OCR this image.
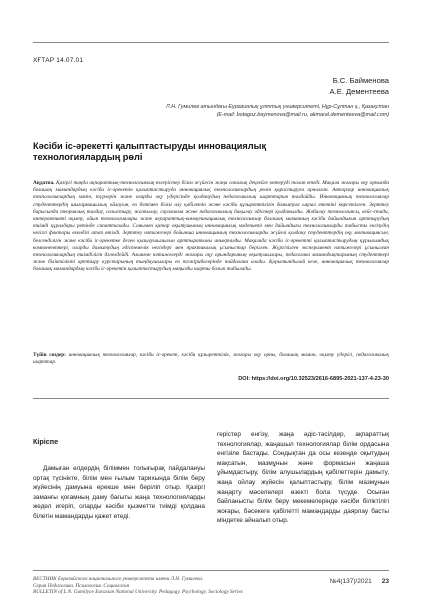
ХҒТАР 14.07.01
Б.С. Байменова
А.Е. Дементеева
Л.Н. Гумилев атындағы Еуразиялық ұлттық университеті, Нұр-Сұлтан қ., Қазақстан
(E-mail: botagoz.baymenova@mail.ru, akmaral.dementeeva@mail.com)
Кәсіби іс-әрекетті қалыптастыруды инновациялық
технологиялардың рөлі
Аңдатпа. Қазіргі таңда ақпараттық-технологиялық өзгерістер білім жүйесін жаңа сапалық деңгейге көтеруді талап етеді. Мақала жоғары оқу орнында болашақ мамандардың кәсіби іс-әрекетін қалыптастыруда инновациялық технологиялардың рөлін қарастыруға арналған. Авторлар инновациялық технологиялардың мәнін, түрлерін және оларды оқу үдерісінде қолданудың педагогикалық шарттарын талдайды. Инновациялық технологиялар студенттердің шығармашылық ойлауын, өз бетімен білім алу қабілетін және кәсіби құзыреттілігін дамытуға ықпал ететіні көрсетілген. Зерттеу барысында теориялық талдау, салыстыру, жалпылау, сауалнама және педагогикалық бақылау әдістері қолданылды. Жобалау технологиясы, кейс-стади, интерактивті оқыту, ойын технологиялары және ақпараттық-коммуникациялық технологиялар болашақ маманның кәсіби дайындығын арттырудың тиімді құралдары ретінде сипатталады. Сонымен қатар оқытушының инновациялық мәдениеті мен дайындығы технологияларды табысты енгізудің негізгі факторы екендігі атап өтілді. Зерттеу нәтижелері бойынша инновациялық технологияларды жүйелі қолдану студенттердің оқу мотивациясын, белсенділігін және кәсіби іс-әрекетке деген қызығушылығын арттыратыны анықталды. Мақалада кәсіби іс-әрекетті қалыптастырудың құрылымдық компоненттері, оларды дамытудың әдістемелік негіздері мен практикалық ұсыныстар берілген. Жүргізілген эксперимент нәтижелері ұсынылған технологиялардың тиімділігін дәлелдейді. Алынған нәтижелерді жоғары оқу орындарының оқытушылары, педагогика мамандықтарының студенттері және біліктілікті арттыру курстарының тыңдаушылары өз тәжірибелерінде пайдалана алады. Қорытындылай келе, инновациялық технологиялар болашақ мамандардың кәсіби іс-әрекетін қалыптастырудың маңызды шарты болып табылады.
Түйін сөздер: инновациялық технологиялар, кәсіби іс-әрекет, кәсіби құзыреттілік, жоғары оқу орны, болашақ маман, оқыту үдерісі, педагогикалық шарттар.
DOI: https://doi.org/10.32523/2616-6895-2021-137-4-23-30
Кіріспе
Дамыған елдердің біліммен толығырақ пайдалануы ортақ түсінікте, білім мен ғылым тарихында білім беру жүйесінің дамуына ерекше мән беріліп отыр. Қазіргі заманғы қоғамның даму бағыты жаңа технологияларды жедел игеріп, оларды кәсіби қызметте тиімді қолдана білетін мамандарды қажет етеді.
герістер енгізу, жаңа әдіс-тәсілдер, ақпараттық технологиялар, жаңашыл технологиялар білім ордасына енгізіле бастады. Сондықтан да осы кезеңде оқытудың мақсатын, мазмұнын және формасын жаңаша ұйымдастыру, білім алушылардың қабілеттерін дамыту, жаңа ойлау жүйесін қалыптастыру, білім мазмұнын жаңарту мәселелері өзекті бола түсуде. Осыған байланысты білім беру мекемелерінде кәсіби біліктілігі жоғары, бәсекеге қабілетті мамандарды даярлау басты міндетке айналып отыр.
ВЕСТНИК Евразийского национального университета имени Л.Н. Гумилева.
Серия Педагогика. Психология. Социология
BULLETIN of L.N. Gumilyov Eurasian National University. Pedagogy. Psychology. Sociology Series
№4(137)/2021 23
